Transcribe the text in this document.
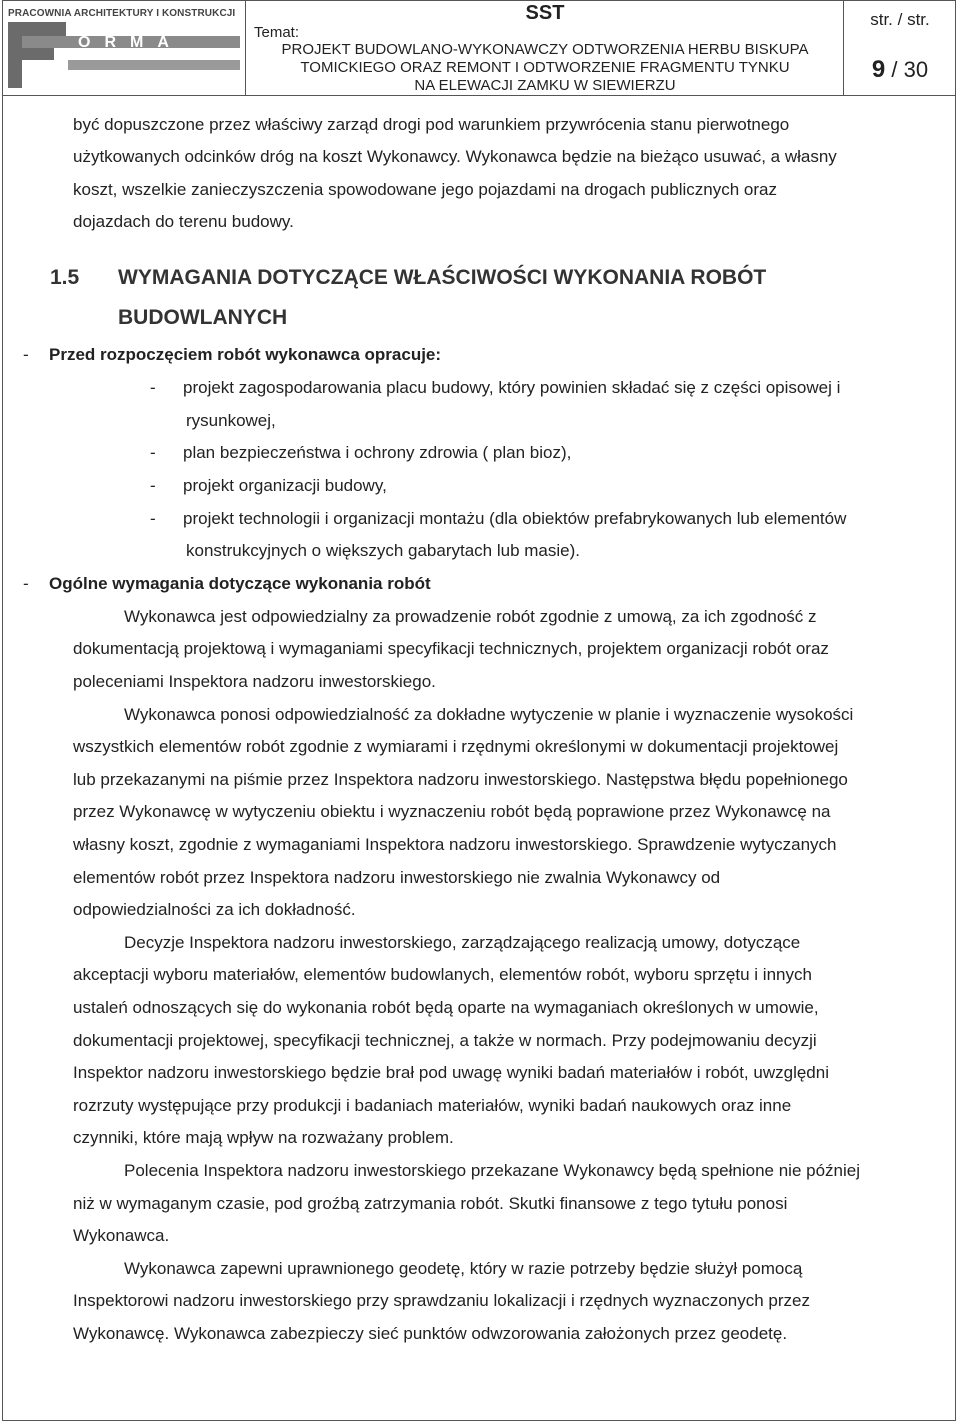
PRACOWNIA ARCHITEKTURY I KONSTRUKCJI
ORMA
SST
Temat:
PROJEKT BUDOWLANO-WYKONAWCZY ODTWORZENIA HERBU BISKUPA
TOMICKIEGO ORAZ REMONT I ODTWORZENIE FRAGMENTU TYNKU
NA ELEWACJI ZAMKU W SIEWIERZU
str. / str.
9 / 30
być dopuszczone przez właściwy zarząd drogi pod warunkiem przywrócenia stanu pierwotnego
użytkowanych odcinków dróg na koszt Wykonawcy. Wykonawca będzie na bieżąco usuwać, a własny
koszt, wszelkie zanieczyszczenia spowodowane jego pojazdami na drogach publicznych oraz
dojazdach do terenu budowy.
1.5 WYMAGANIA DOTYCZĄCE WŁAŚCIWOŚCI WYKONANIA ROBÓT
BUDOWLANYCH
- Przed rozpoczęciem robót wykonawca opracuje:
- projekt zagospodarowania placu budowy, który powinien składać się z części opisowej i
rysunkowej,
- plan bezpieczeństwa i ochrony zdrowia ( plan bioz),
- projekt organizacji budowy,
- projekt technologii i organizacji montażu (dla obiektów prefabrykowanych lub elementów
konstrukcyjnych o większych gabarytach lub masie).
- Ogólne wymagania dotyczące wykonania robót
Wykonawca jest odpowiedzialny za prowadzenie robót zgodnie z umową, za ich zgodność z
dokumentacją projektową i wymaganiami specyfikacji technicznych, projektem organizacji robót oraz
poleceniami Inspektora nadzoru inwestorskiego.
Wykonawca ponosi odpowiedzialność za dokładne wytyczenie w planie i wyznaczenie wysokości
wszystkich elementów robót zgodnie z wymiarami i rzędnymi określonymi w dokumentacji projektowej
lub przekazanymi na piśmie przez Inspektora nadzoru inwestorskiego. Następstwa błędu popełnionego
przez Wykonawcę w wytyczeniu obiektu i wyznaczeniu robót będą poprawione przez Wykonawcę na
własny koszt, zgodnie z wymaganiami Inspektora nadzoru inwestorskiego. Sprawdzenie wytyczanych
elementów robót przez Inspektora nadzoru inwestorskiego nie zwalnia Wykonawcy od
odpowiedzialności za ich dokładność.
Decyzje Inspektora nadzoru inwestorskiego, zarządzającego realizacją umowy, dotyczące
akceptacji wyboru materiałów, elementów budowlanych, elementów robót, wyboru sprzętu i innych
ustaleń odnoszących się do wykonania robót będą oparte na wymaganiach określonych w umowie,
dokumentacji projektowej, specyfikacji technicznej, a także w normach. Przy podejmowaniu decyzji
Inspektor nadzoru inwestorskiego będzie brał pod uwagę wyniki badań materiałów i robót, uwzględni
rozrzuty występujące przy produkcji i badaniach materiałów, wyniki badań naukowych oraz inne
czynniki, które mają wpływ na rozważany problem.
Polecenia Inspektora nadzoru inwestorskiego przekazane Wykonawcy będą spełnione nie później
niż w wymaganym czasie, pod groźbą zatrzymania robót. Skutki finansowe z tego tytułu ponosi
Wykonawca.
Wykonawca zapewni uprawnionego geodetę, który w razie potrzeby będzie służył pomocą
Inspektorowi nadzoru inwestorskiego przy sprawdzaniu lokalizacji i rzędnych wyznaczonych przez
Wykonawcę. Wykonawca zabezpieczy sieć punktów odwzorowania założonych przez geodetę.
